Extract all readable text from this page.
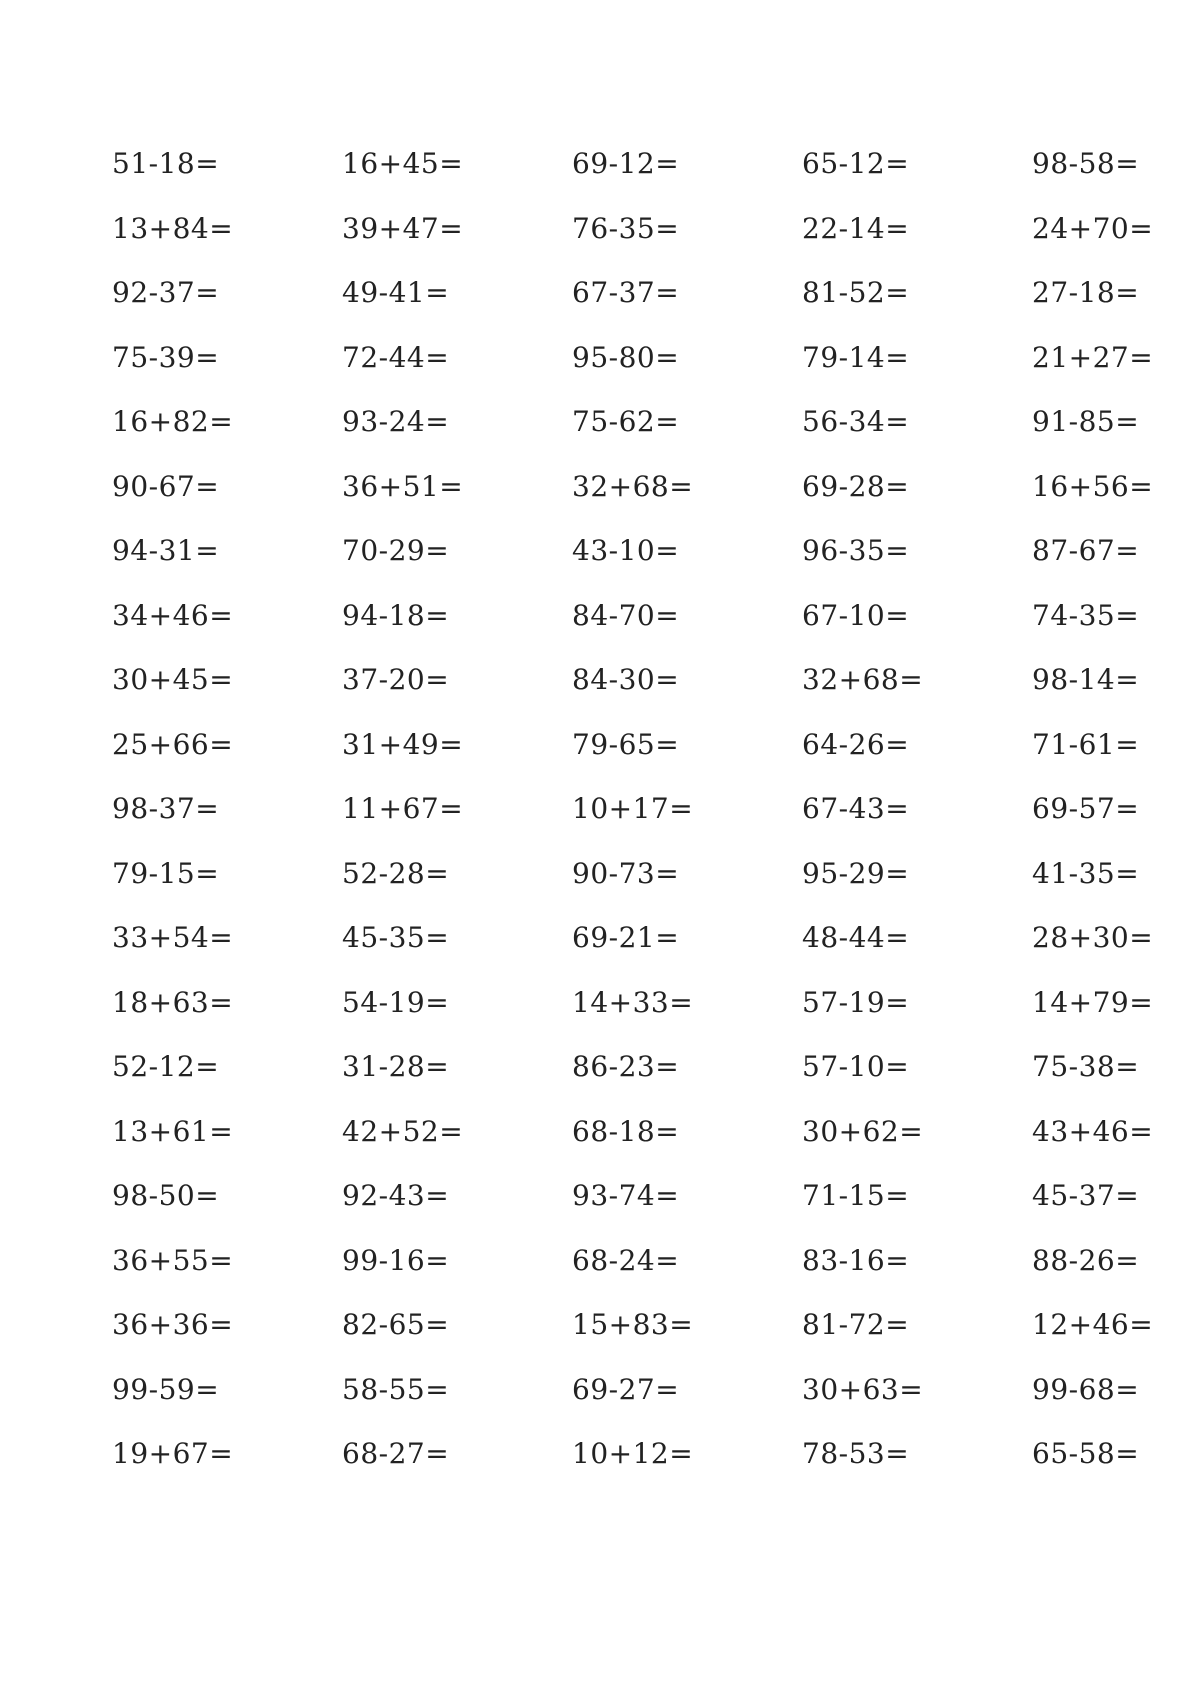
51-18=	16+45=	69-12=	65-12=	98-58=
13+84=	39+47=	76-35=	22-14=	24+70=
92-37=	49-41=	67-37=	81-52=	27-18=
75-39=	72-44=	95-80=	79-14=	21+27=
16+82=	93-24=	75-62=	56-34=	91-85=
90-67=	36+51=	32+68=	69-28=	16+56=
94-31=	70-29=	43-10=	96-35=	87-67=
34+46=	94-18=	84-70=	67-10=	74-35=
30+45=	37-20=	84-30=	32+68=	98-14=
25+66=	31+49=	79-65=	64-26=	71-61=
98-37=	11+67=	10+17=	67-43=	69-57=
79-15=	52-28=	90-73=	95-29=	41-35=
33+54=	45-35=	69-21=	48-44=	28+30=
18+63=	54-19=	14+33=	57-19=	14+79=
52-12=	31-28=	86-23=	57-10=	75-38=
13+61=	42+52=	68-18=	30+62=	43+46=
98-50=	92-43=	93-74=	71-15=	45-37=
36+55=	99-16=	68-24=	83-16=	88-26=
36+36=	82-65=	15+83=	81-72=	12+46=
99-59=	58-55=	69-27=	30+63=	99-68=
19+67=	68-27=	10+12=	78-53=	65-58=
